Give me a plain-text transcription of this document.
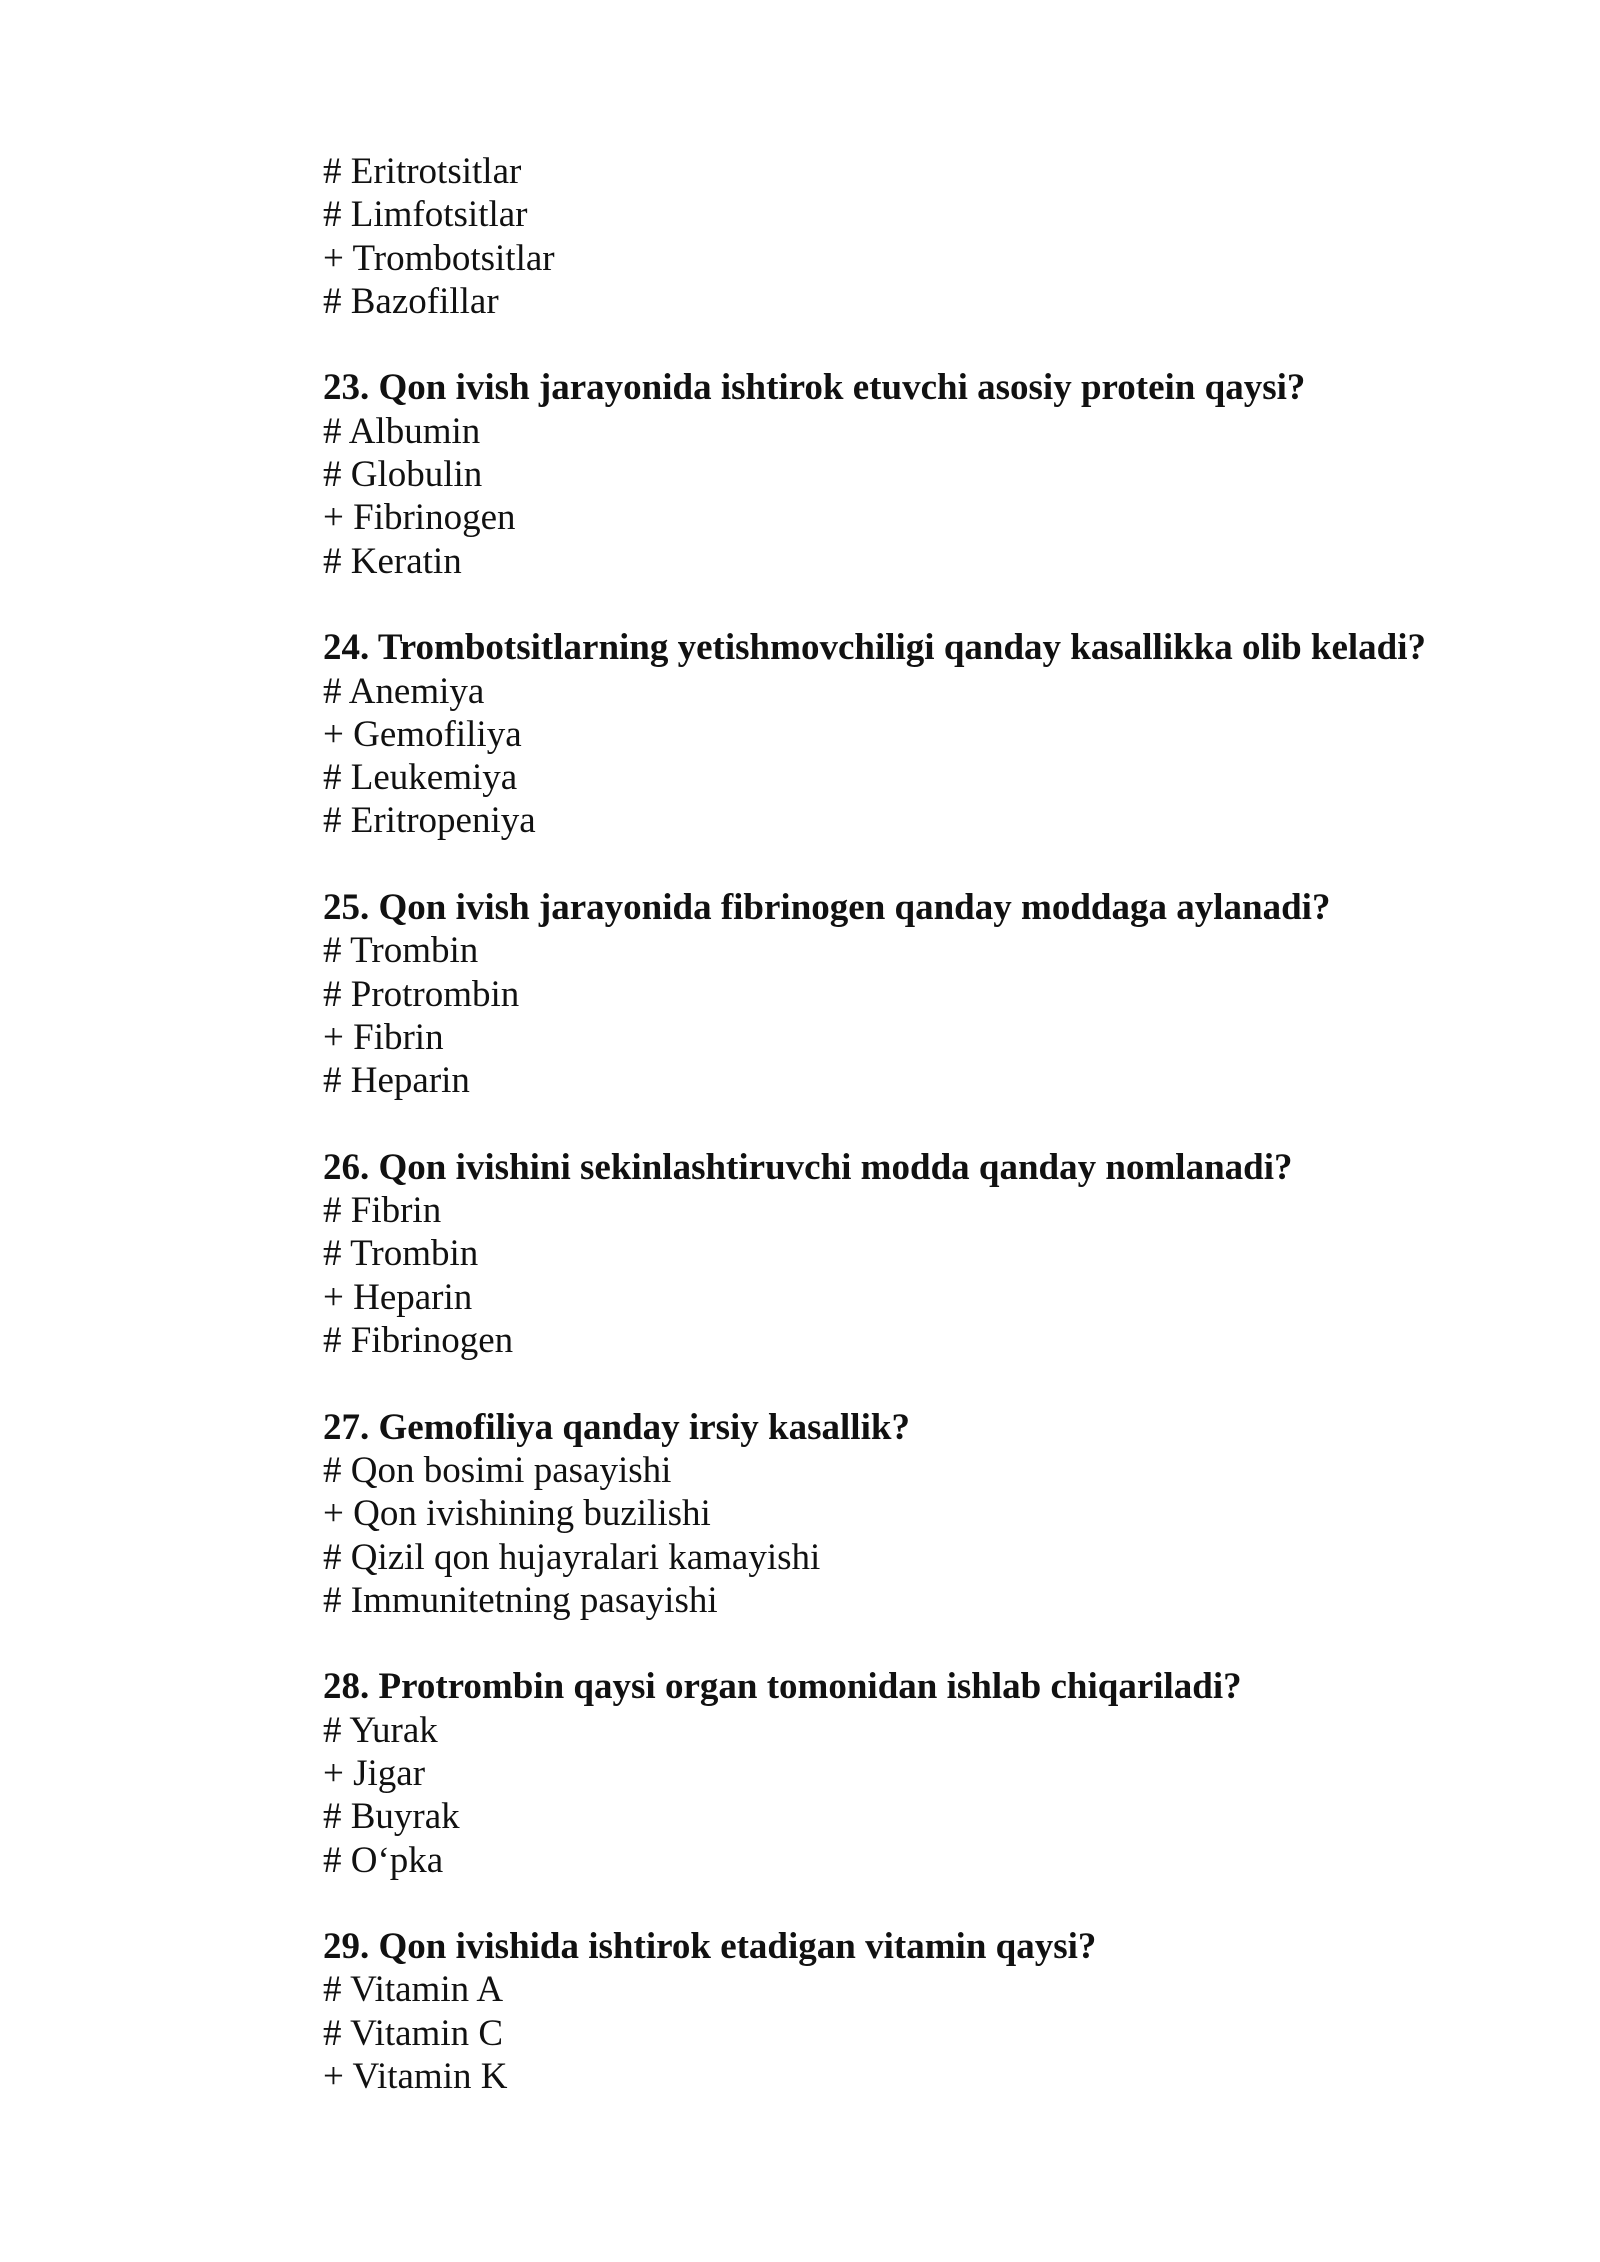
# Eritrotsitlar
# Limfotsitlar
+ Trombotsitlar
# Bazofillar
23. Qon ivish jarayonida ishtirok etuvchi asosiy protein qaysi?
# Albumin
# Globulin
+ Fibrinogen
# Keratin
24. Trombotsitlarning yetishmovchiligi qanday kasallikka olib keladi?
# Anemiya
+ Gemofiliya
# Leukemiya
# Eritropeniya
25. Qon ivish jarayonida fibrinogen qanday moddaga aylanadi?
# Trombin
# Protrombin
+ Fibrin
# Heparin
26. Qon ivishini sekinlashtiruvchi modda qanday nomlanadi?
# Fibrin
# Trombin
+ Heparin
# Fibrinogen
27. Gemofiliya qanday irsiy kasallik?
# Qon bosimi pasayishi
+ Qon ivishining buzilishi
# Qizil qon hujayralari kamayishi
# Immunitetning pasayishi
28. Protrombin qaysi organ tomonidan ishlab chiqariladi?
# Yurak
+ Jigar
# Buyrak
# O‘pka
29. Qon ivishida ishtirok etadigan vitamin qaysi?
# Vitamin A
# Vitamin C
+ Vitamin K
